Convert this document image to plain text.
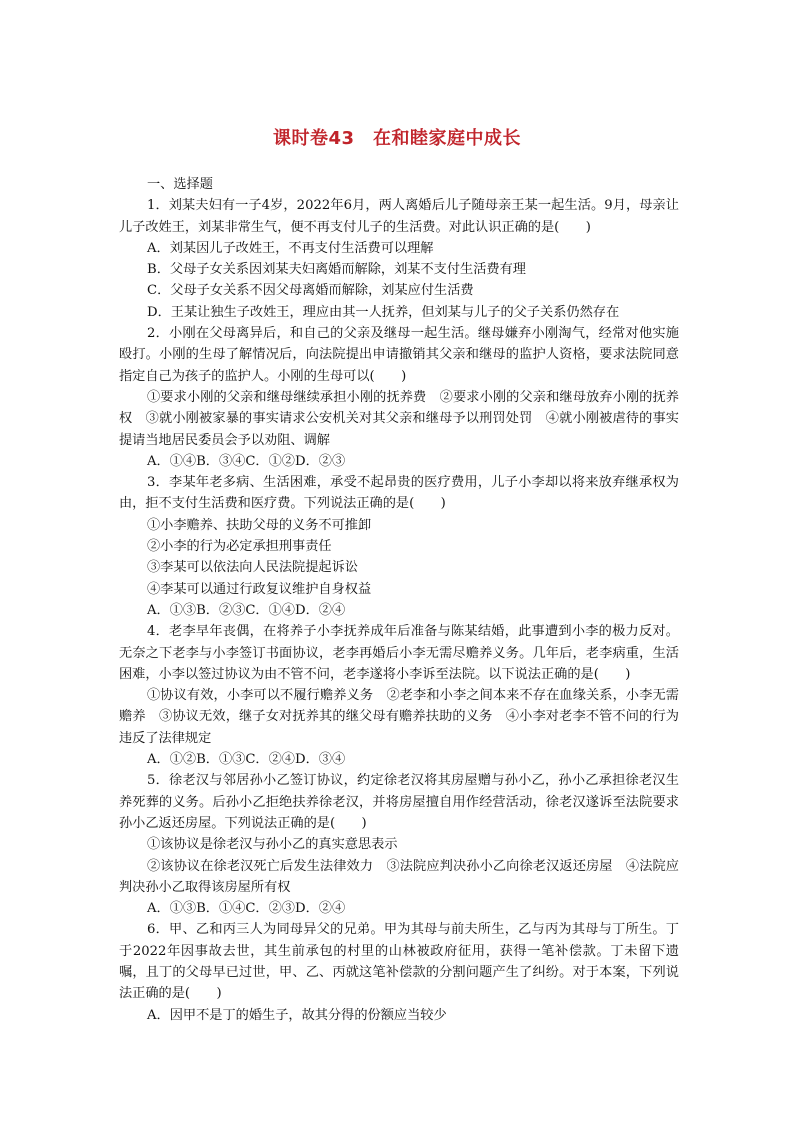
课时卷43　在和睦家庭中成长

一、选择题

1．刘某夫妇有一子4岁，2022年6月，两人离婚后儿子随母亲王某一起生活。9月，母亲让儿子改姓王，刘某非常生气，便不再支付儿子的生活费。对此认识正确的是(　　)

A．刘某因儿子改姓王，不再支付生活费可以理解

B．父母子女关系因刘某夫妇离婚而解除，刘某不支付生活费有理

C．父母子女关系不因父母离婚而解除，刘某应付生活费

D．王某让独生子改姓王，理应由其一人抚养，但刘某与儿子的父子关系仍然存在

2．小刚在父母离异后，和自己的父亲及继母一起生活。继母嫌弃小刚淘气，经常对他实施殴打。小刚的生母了解情况后，向法院提出申请撤销其父亲和继母的监护人资格，要求法院同意指定自己为孩子的监护人。小刚的生母可以(　　)

①要求小刚的父亲和继母继续承担小刚的抚养费　②要求小刚的父亲和继母放弃小刚的抚养权　③就小刚被家暴的事实请求公安机关对其父亲和继母予以刑罚处罚　④就小刚被虐待的事实提请当地居民委员会予以劝阻、调解

A．①④B．③④C．①②D．②③

3．李某年老多病、生活困难，承受不起昂贵的医疗费用，儿子小李却以将来放弃继承权为由，拒不支付生活费和医疗费。下列说法正确的是(　　)

①小李赡养、扶助父母的义务不可推卸

②小李的行为必定承担刑事责任

③李某可以依法向人民法院提起诉讼

④李某可以通过行政复议维护自身权益

A．①③B．②③C．①④D．②④

4．老李早年丧偶，在将养子小李抚养成年后准备与陈某结婚，此事遭到小李的极力反对。无奈之下老李与小李签订书面协议，老李再婚后小李无需尽赡养义务。几年后，老李病重，生活困难，小李以签过协议为由不管不问，老李遂将小李诉至法院。以下说法正确的是(　　)

①协议有效，小李可以不履行赡养义务　②老李和小李之间本来不存在血缘关系，小李无需赡养　③协议无效，继子女对抚养其的继父母有赡养扶助的义务　④小李对老李不管不问的行为违反了法律规定

A．①②B．①③C．②④D．③④

5．徐老汉与邻居孙小乙签订协议，约定徐老汉将其房屋赠与孙小乙，孙小乙承担徐老汉生养死葬的义务。后孙小乙拒绝扶养徐老汉，并将房屋擅自用作经营活动，徐老汉遂诉至法院要求孙小乙返还房屋。下列说法正确的是(　　)

①该协议是徐老汉与孙小乙的真实意思表示

②该协议在徐老汉死亡后发生法律效力　③法院应判决孙小乙向徐老汉返还房屋　④法院应判决孙小乙取得该房屋所有权

A．①③B．①④C．②③D．②④

6．甲、乙和丙三人为同母异父的兄弟。甲为其母与前夫所生，乙与丙为其母与丁所生。丁于2022年因事故去世，其生前承包的村里的山林被政府征用，获得一笔补偿款。丁未留下遗嘱，且丁的父母早已过世，甲、乙、丙就这笔补偿款的分割问题产生了纠纷。对于本案，下列说法正确的是(　　)

A．因甲不是丁的婚生子，故其分得的份额应当较少
